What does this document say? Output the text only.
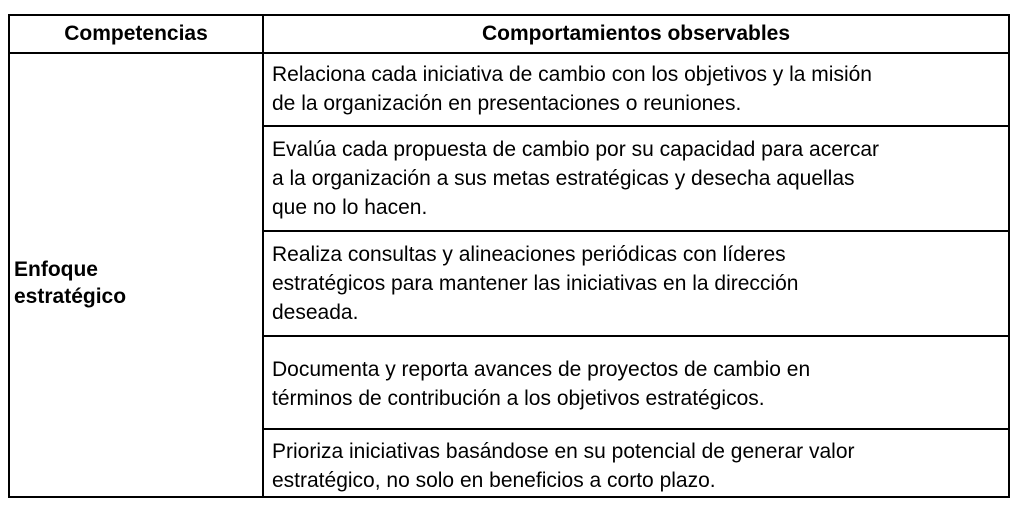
Competencias	Comportamientos observables
Enfoque
estratégico
Relaciona cada iniciativa de cambio con los objetivos y la misión
de la organización en presentaciones o reuniones.
Evalúa cada propuesta de cambio por su capacidad para acercar
a la organización a sus metas estratégicas y desecha aquellas
que no lo hacen.
Realiza consultas y alineaciones periódicas con líderes
estratégicos para mantener las iniciativas en la dirección
deseada.
Documenta y reporta avances de proyectos de cambio en
términos de contribución a los objetivos estratégicos.
Prioriza iniciativas basándose en su potencial de generar valor
estratégico, no solo en beneficios a corto plazo.
